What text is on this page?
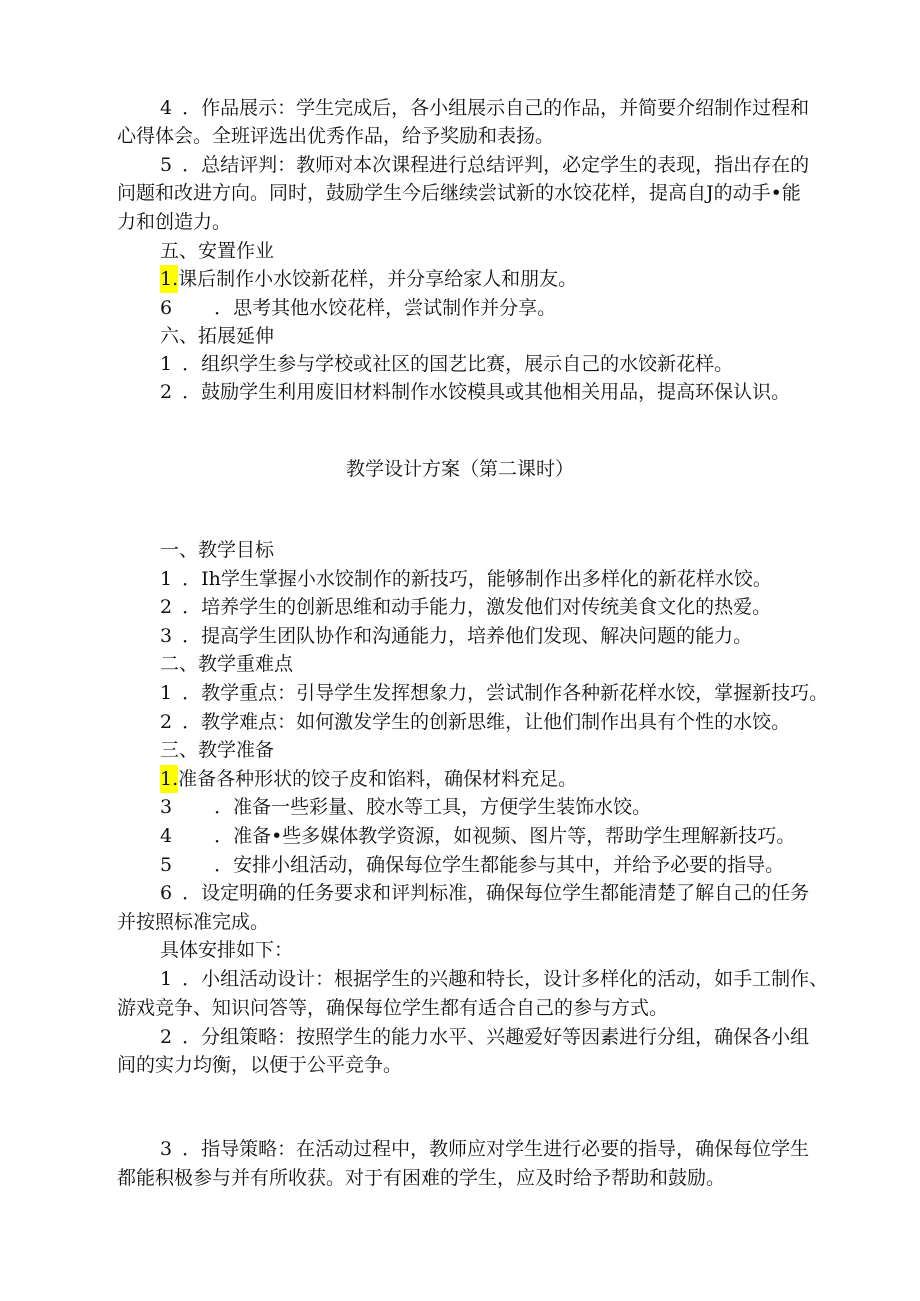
4 ．作品展示：学生完成后，各小组展示自己的作品，并简要介绍制作过程和
心得体会。全班评选出优秀作品，给予奖励和表扬。
5 ．总结评判：教师对本次课程进行总结评判，必定学生的表现，指出存在的
问题和改进方向。同时，鼓励学生今后继续尝试新的水饺花样，提高自J的动手•能
力和创造力。
五、安置作业
1.课后制作小水饺新花样，并分享给家人和朋友。
6 ．思考其他水饺花样，尝试制作并分享。
六、拓展延伸
1 ．组织学生参与学校或社区的国艺比赛，展示自己的水饺新花样。
2 ．鼓励学生利用废旧材料制作水饺模具或其他相关用品，提高环保认识。
教学设计方案（第二课时）
一、教学目标
1 ．Ih学生掌握小水饺制作的新技巧，能够制作出多样化的新花样水饺。
2 ．培养学生的创新思维和动手能力，激发他们对传统美食文化的热爱。
3 ．提高学生团队协作和沟通能力，培养他们发现、解决问题的能力。
二、教学重难点
1 ．教学重点：引导学生发挥想象力，尝试制作各种新花样水饺，掌握新技巧。
2 ．教学难点：如何激发学生的创新思维，让他们制作出具有个性的水饺。
三、教学准备
1.准备各种形状的饺子皮和馅料，确保材料充足。
3 ．准备一些彩量、胶水等工具，方便学生装饰水饺。
4 ．准备•些多媒体教学资源，如视频、图片等，帮助学生理解新技巧。
5 ．安排小组活动，确保每位学生都能参与其中，并给予必要的指导。
6 ．设定明确的任务要求和评判标准，确保每位学生都能清楚了解自己的任务
并按照标准完成。
具体安排如下：
1 ．小组活动设计：根据学生的兴趣和特长，设计多样化的活动，如手工制作、
游戏竞争、知识问答等，确保每位学生都有适合自己的参与方式。
2 ．分组策略：按照学生的能力水平、兴趣爱好等因素进行分组，确保各小组
间的实力均衡，以便于公平竞争。
3 ．指导策略：在活动过程中，教师应对学生进行必要的指导，确保每位学生
都能积极参与并有所收获。对于有困难的学生，应及时给予帮助和鼓励。
